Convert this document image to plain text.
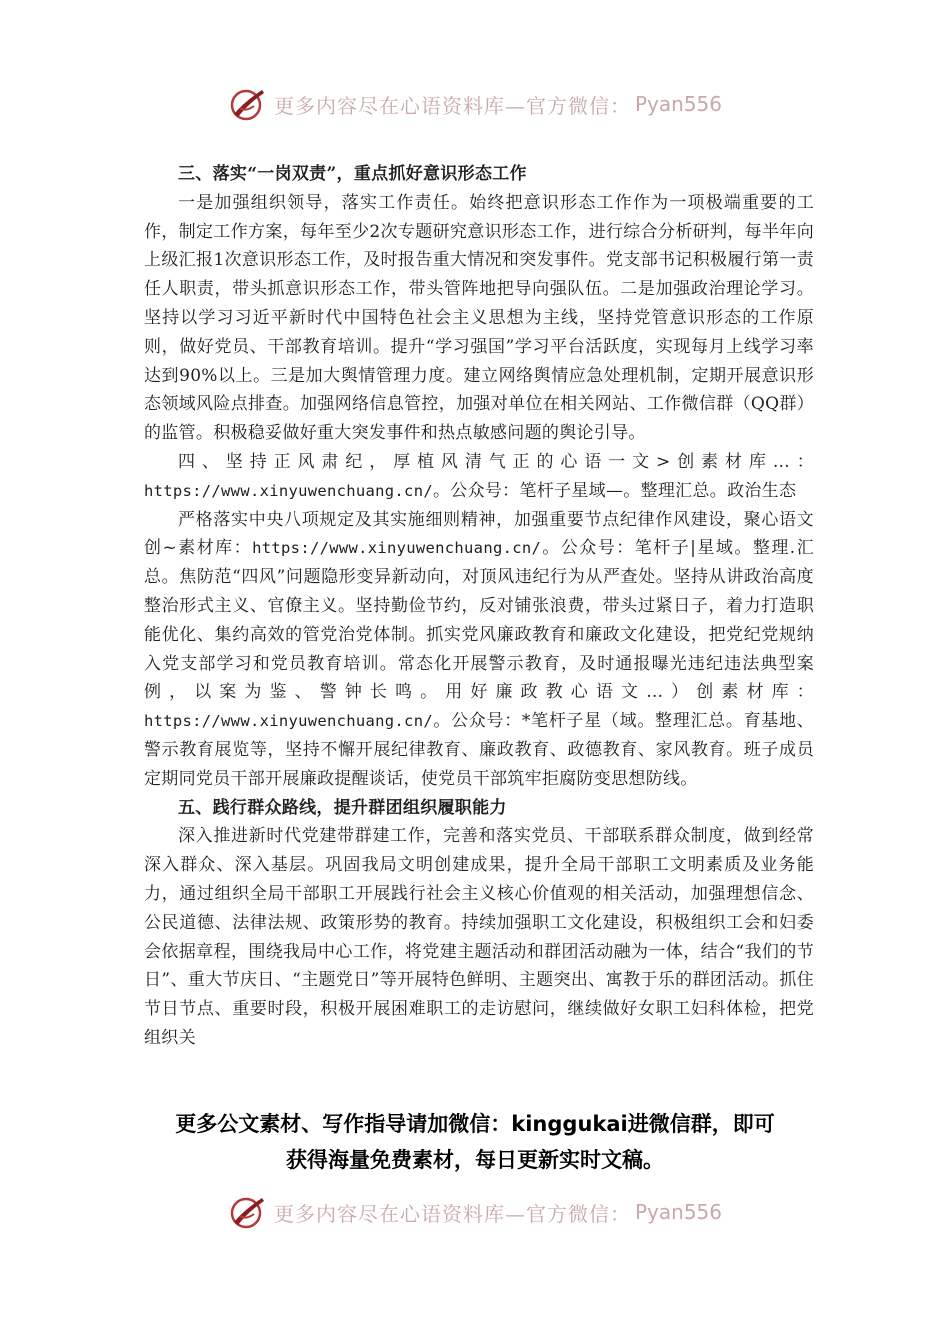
更多内容尽在心语资料库—官方微信： Pyan556

三、落实“一岗双责”，重点抓好意识形态工作

一是加强组织领导，落实工作责任。始终把意识形态工作作为一项极端重要的工作，制定工作方案，每年至少2次专题研究意识形态工作，进行综合分析研判，每半年向上级汇报1次意识形态工作，及时报告重大情况和突发事件。党支部书记积极履行第一责任人职责，带头抓意识形态工作，带头管阵地把导向强队伍。二是加强政治理论学习。坚持以学习习近平新时代中国特色社会主义思想为主线，坚持党管意识形态的工作原则，做好党员、干部教育培训。提升“学习强国”学习平台活跃度，实现每月上线学习率达到90%以上。三是加大舆情管理力度。建立网络舆情应急处理机制，定期开展意识形态领域风险点排查。加强网络信息管控，加强对单位在相关网站、工作微信群（QQ群）的监管。积极稳妥做好重大突发事件和热点敏感问题的舆论引导。

四、坚持正风肃纪，厚植风清气正的心语一文>创素材库…：https://www.xinyuwenchuang.cn/。公众号：笔杆子星域—。整理汇总。政治生态

严格落实中央八项规定及其实施细则精神，加强重要节点纪律作风建设，聚心语文创~素材库：https://www.xinyuwenchuang.cn/。公众号：笔杆子|星域。整理.汇总。焦防范“四风”问题隐形变异新动向，对顶风违纪行为从严查处。坚持从讲政治高度整治形式主义、官僚主义。坚持勤俭节约，反对铺张浪费，带头过紧日子，着力打造职能优化、集约高效的管党治党体制。抓实党风廉政教育和廉政文化建设，把党纪党规纳入党支部学习和党员教育培训。常态化开展警示教育，及时通报曝光违纪违法典型案例，以案为鉴、警钟长鸣。用好廉政教心语文…）创素材库：https://www.xinyuwenchuang.cn/。公众号：*笔杆子星（域。整理汇总。育基地、警示教育展览等，坚持不懈开展纪律教育、廉政教育、政德教育、家风教育。班子成员定期同党员干部开展廉政提醒谈话，使党员干部筑牢拒腐防变思想防线。

五、践行群众路线，提升群团组织履职能力

深入推进新时代党建带群建工作，完善和落实党员、干部联系群众制度，做到经常深入群众、深入基层。巩固我局文明创建成果，提升全局干部职工文明素质及业务能力，通过组织全局干部职工开展践行社会主义核心价值观的相关活动，加强理想信念、公民道德、法律法规、政策形势的教育。持续加强职工文化建设，积极组织工会和妇委会依据章程，围绕我局中心工作，将党建主题活动和群团活动融为一体，结合“我们的节日”、重大节庆日、“主题党日”等开展特色鲜明、主题突出、寓教于乐的群团活动。抓住节日节点、重要时段，积极开展困难职工的走访慰问，继续做好女职工妇科体检，把党组织关

更多公文素材、写作指导请加微信：kinggukai进微信群，即可
获得海量免费素材，每日更新实时文稿。
更多内容尽在心语资料库—官方微信： Pyan556
